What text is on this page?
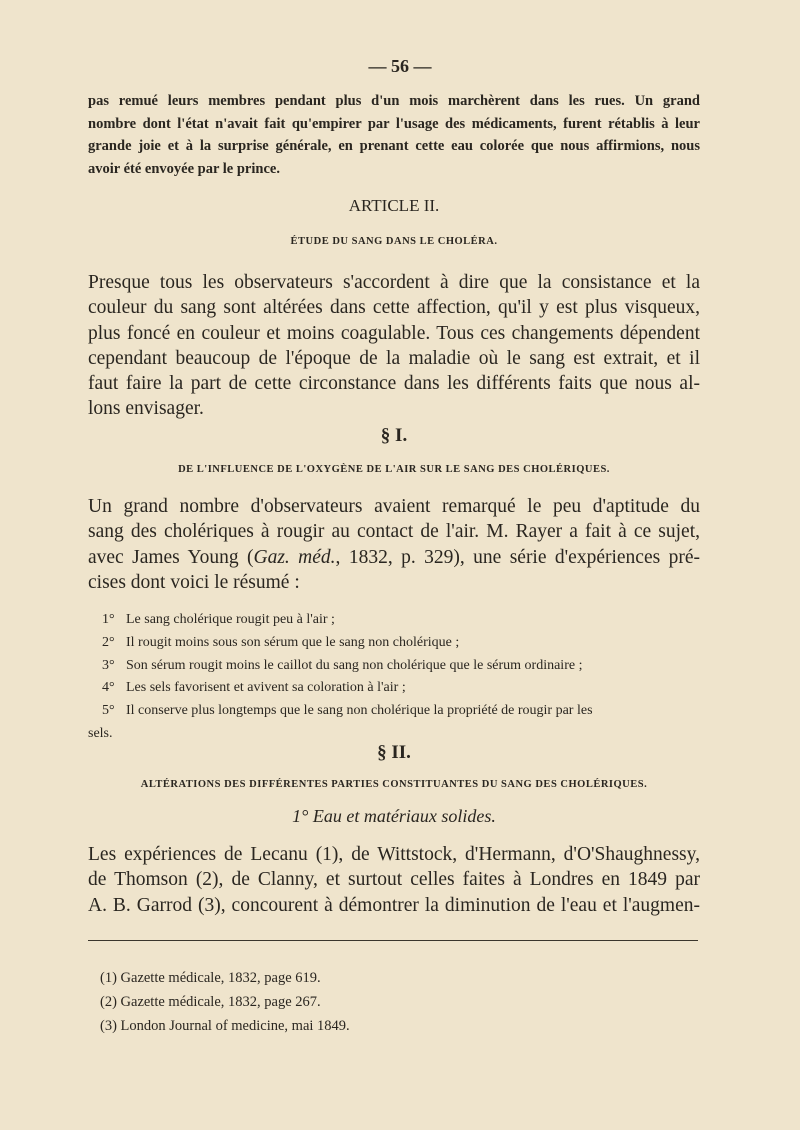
— 56 —
pas remué leurs membres pendant plus d'un mois marchèrent dans les rues. Un grand
nombre dont l'état n'avait fait qu'empirer par l'usage des médicaments, furent rétablis à leur
grande joie et à la surprise générale, en prenant cette eau colorée que nous affirmions, nous
avoir été envoyée par le prince.
ARTICLE II.
ÉTUDE DU SANG DANS LE CHOLÉRA.
Presque tous les observateurs s'accordent à dire que la consistance et la
couleur du sang sont altérées dans cette affection, qu'il y est plus visqueux,
plus foncé en couleur et moins coagulable. Tous ces changements dépendent
cependant beaucoup de l'époque de la maladie où le sang est extrait, et il
faut faire la part de cette circonstance dans les différents faits que nous al-
lons envisager.
§ I.
DE L'INFLUENCE DE L'OXYGÈNE DE L'AIR SUR LE SANG DES CHOLÉRIQUES.
Un grand nombre d'observateurs avaient remarqué le peu d'aptitude du
sang des cholériques à rougir au contact de l'air. M. Rayer a fait à ce sujet,
avec James Young (Gaz. méd., 1832, p. 329), une série d'expériences pré-
cises dont voici le résumé :
1° Le sang cholérique rougit peu à l'air ;
2° Il rougit moins sous son sérum que le sang non cholérique ;
3° Son sérum rougit moins le caillot du sang non cholérique que le sérum ordinaire ;
4° Les sels favorisent et avivent sa coloration à l'air ;
5° Il conserve plus longtemps que le sang non cholérique la propriété de rougir par les
sels.
§ II.
ALTÉRATIONS DES DIFFÉRENTES PARTIES CONSTITUANTES DU SANG DES CHOLÉRIQUES.
1° Eau et matériaux solides.
Les expériences de Lecanu (1), de Wittstock, d'Hermann, d'O'Shaughnessy,
de Thomson (2), de Clanny, et surtout celles faites à Londres en 1849 par
A. B. Garrod (3), concourent à démontrer la diminution de l'eau et l'augmen-
(1) Gazette médicale, 1832, page 619.
(2) Gazette médicale, 1832, page 267.
(3) London Journal of medicine, mai 1849.
